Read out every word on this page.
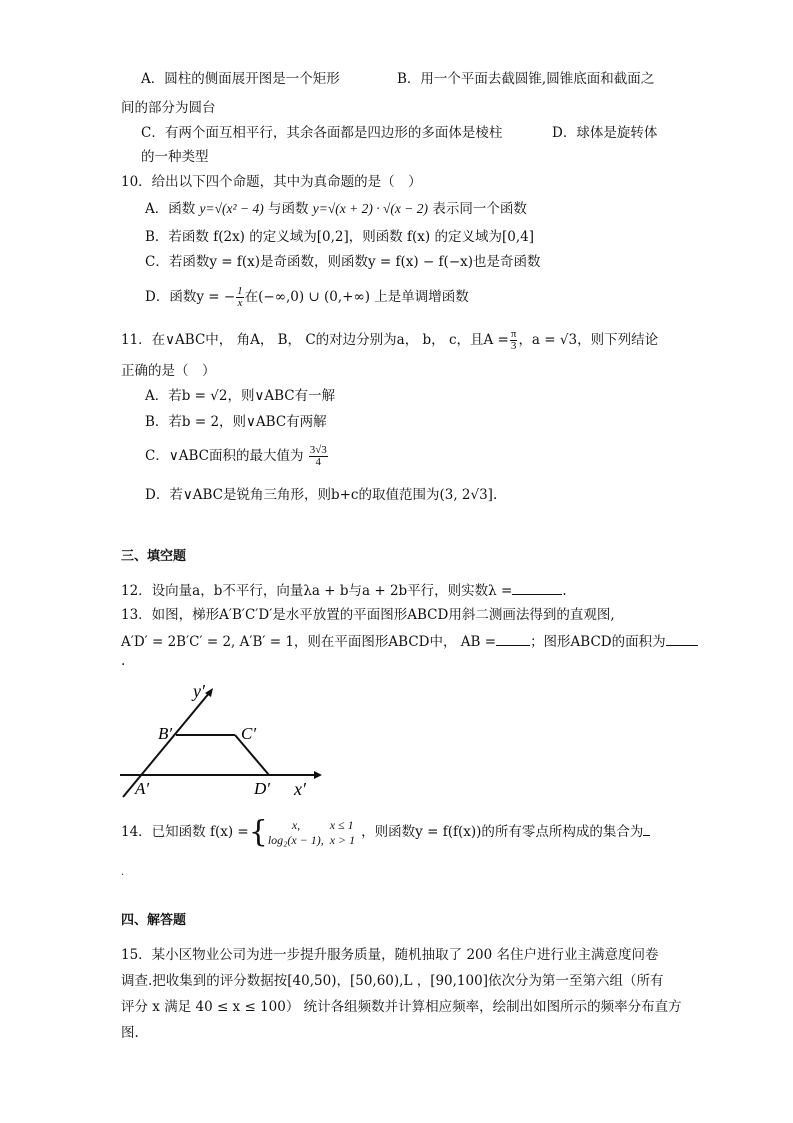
A．圆柱的侧面展开图是一个矩形	B．用一个平面去截圆锥,圆锥底面和截面之
间的部分为圆台
C．有两个面互相平行，其余各面都是四边形的多面体是棱柱	D．球体是旋转体
的一种类型
10．给出以下四个命题，其中为真命题的是（　）
A．函数 y=√(x² − 4) 与函数 y=√(x + 2) · √(x − 2) 表示同一个函数
B．若函数 f(2x) 的定义域为[0,2]，则函数 f(x) 的定义域为[0,4]
C．若函数y = f(x)是奇函数，则函数y = f(x) − f(−x)也是奇函数
D．函数y = − $\frac{1}{x}$ 在(−∞,0) ∪ (0,+∞) 上是单调增函数
11．在∨ABC中， 角A， B， C的对边分别为a， b， c，且$A = \frac{\pi}{3}$ ，a = √3，则下列结论
正确的是（　）
A．若b = √2，则∨ABC有一解
B．若b = 2，则∨ABC有两解
C．∨ABC面积的最大值为 $\frac{3√3}{4}$
D．若∨ABC是锐角三角形，则b+c的取值范围为(3, 2√3].
三、填空题
12．设向量a，b不平行，向量λa + b与a + 2b平行，则实数λ =	.
13．如图，梯形A′B′C′D′是水平放置的平面图形ABCD用斜二测画法得到的直观图,
A′D′ = 2B′C′ = 2, A′B′ = 1，则在平面图形ABCD中， AB =	；图形ABCD的面积为
.
y′
x′
B′	C′
A′	D′
14．已知函数 f(x) ={ x,	x ≤ 1
log₂(x − 1),	x > 1 ，则函数y = f(f(x))的所有零点所构成的集合为
.
四、解答题
15．某小区物业公司为进一步提升服务质量，随机抽取了 200 名住户进行业主满意度问卷
调查.把收集到的评分数据按[40,50)，[50,60),L ，[90,100]依次分为第一至第六组（所有
评分 x 满足 40 ≤ x ≤ 100） 统计各组频数并计算相应频率，绘制出如图所示的频率分布直方
图.
